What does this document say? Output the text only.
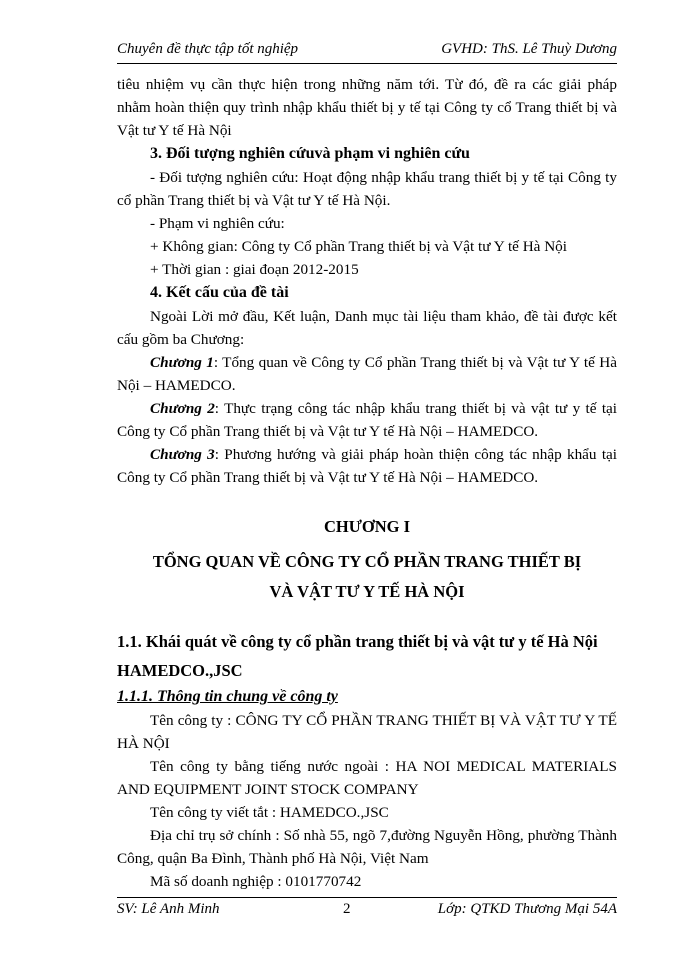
Chuyên đề thực tập tốt nghiệp	GVHD: ThS. Lê Thuỳ Dương

tiêu nhiệm vụ cần thực hiện trong những năm tới. Từ đó, đề ra các giải pháp nhằm hoàn thiện quy trình nhập khẩu thiết bị y tế tại Công ty cổ Trang thiết bị và Vật tư Y tế Hà Nội

3. Đối tượng nghiên cứuvà phạm vi nghiên cứu

- Đối tượng nghiên cứu: Hoạt động nhập khẩu trang thiết bị y tế tại Công ty cổ phần Trang thiết bị và Vật tư Y tế Hà Nội.

- Phạm vi nghiên cứu:

+ Không gian: Công ty Cổ phần Trang thiết bị và Vật tư Y tế Hà Nội

+ Thời gian : giai đoạn 2012-2015

4. Kết cấu của đề tài

Ngoài Lời mở đầu, Kết luận, Danh mục tài liệu tham khảo, đề tài được kết cấu gồm ba Chương:

Chương 1: Tổng quan về Công ty Cổ phần Trang thiết bị và Vật tư Y tế Hà Nội – HAMEDCO.

Chương 2: Thực trạng công tác nhập khẩu trang thiết bị và vật tư y tế tại Công ty Cổ phần Trang thiết bị và Vật tư Y tế Hà Nội – HAMEDCO.

Chương 3: Phương hướng và giải pháp hoàn thiện công tác nhập khẩu tại Công ty Cổ phần Trang thiết bị và Vật tư Y tế Hà Nội – HAMEDCO.

CHƯƠNG I

TỔNG QUAN VỀ CÔNG TY CỔ PHẦN TRANG THIẾT BỊ

VÀ VẬT TƯ Y TẾ HÀ NỘI

1.1. Khái quát về công ty cổ phần trang thiết bị và vật tư y tế Hà Nội HAMEDCO.,JSC

1.1.1. Thông tin chung về công ty

Tên công ty : CÔNG TY CỔ PHẦN TRANG THIẾT BỊ VÀ VẬT TƯ Y TẾ HÀ NỘI

Tên công ty bằng tiếng nước ngoài : HA NOI MEDICAL MATERIALS AND EQUIPMENT JOINT STOCK COMPANY

Tên công ty viết tắt : HAMEDCO.,JSC

Địa chỉ trụ sở chính : Số nhà 55, ngõ 7,đường Nguyễn Hồng, phường Thành Công, quận Ba Đình, Thành phố Hà Nội, Việt Nam

Mã số doanh nghiệp : 0101770742

SV: Lê Anh Minh	2	Lớp: QTKD Thương Mại 54A
